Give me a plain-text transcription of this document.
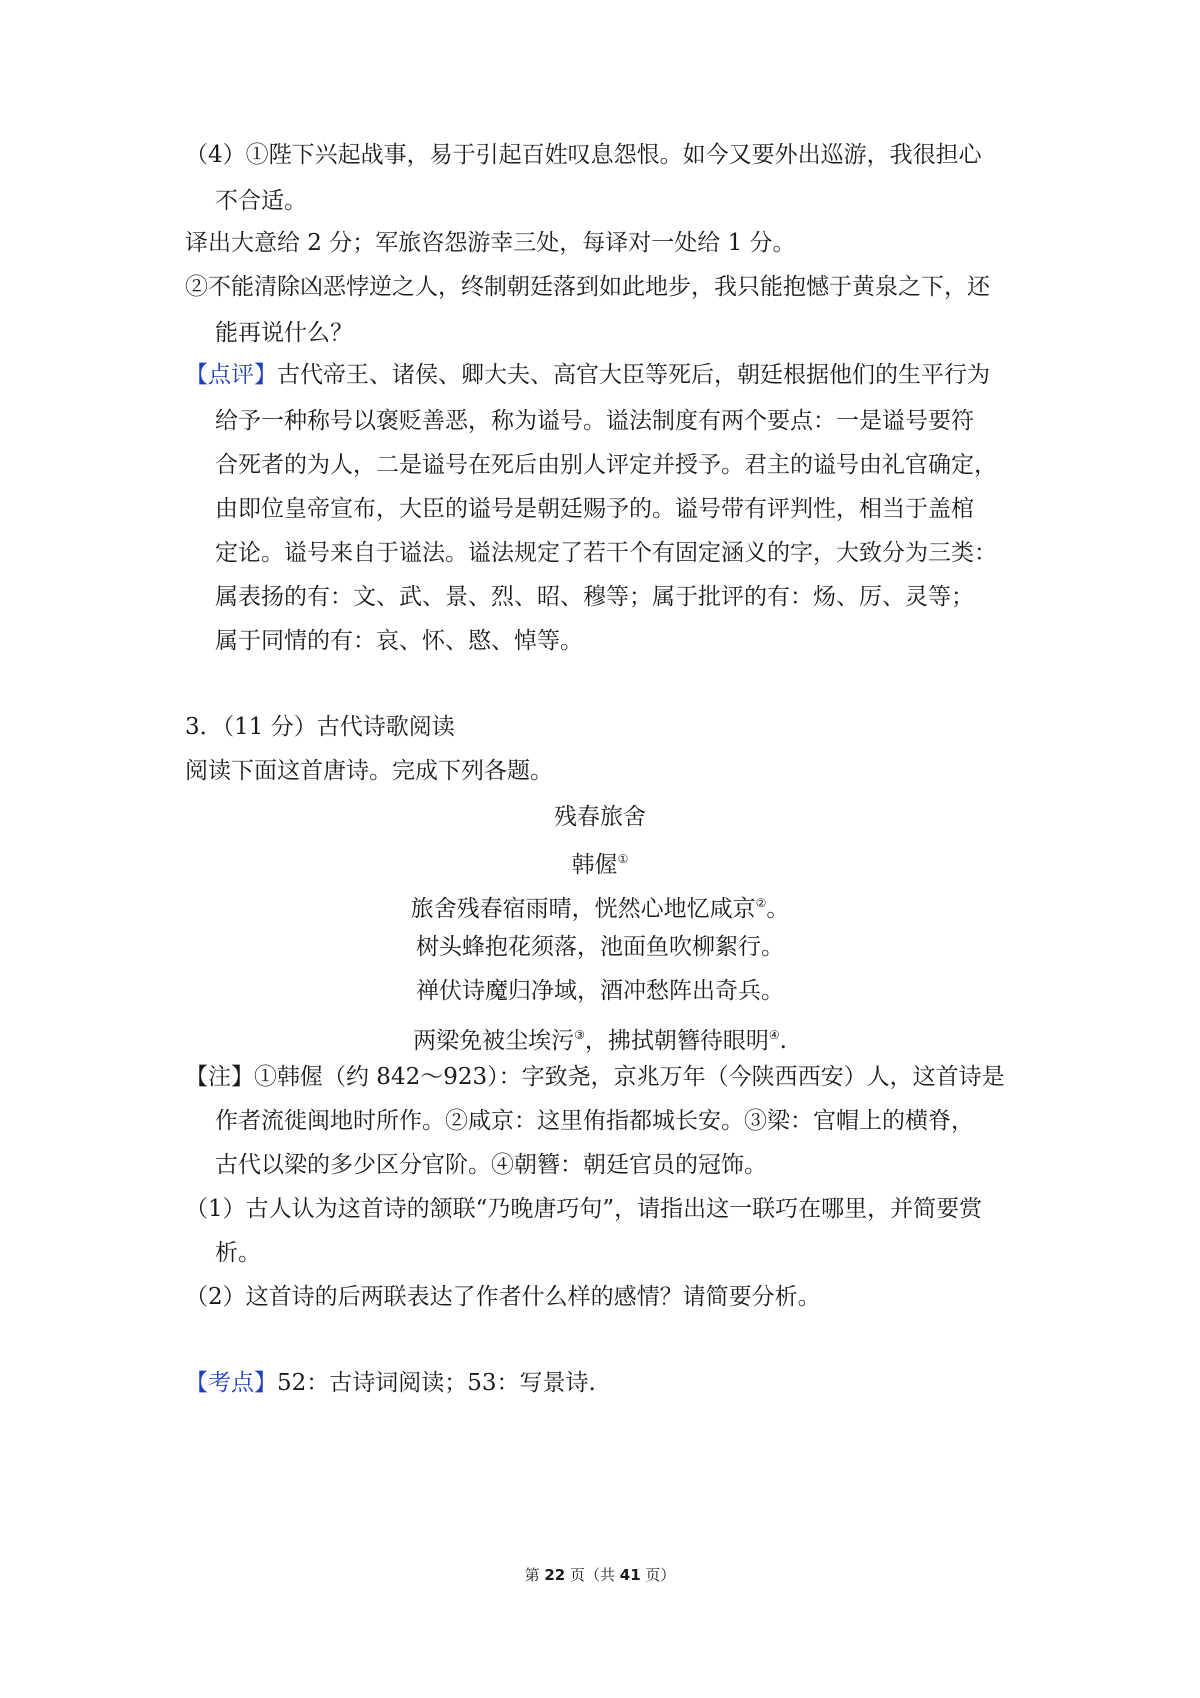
（4）①陛下兴起战事，易于引起百姓叹息怨恨。如今又要外出巡游，我很担心
不合适。
译出大意给 2 分；军旅咨怨游幸三处，每译对一处给 1 分。
②不能清除凶恶悖逆之人，终制朝廷落到如此地步，我只能抱憾于黄泉之下，还
能再说什么？
【点评】古代帝王、诸侯、卿大夫、高官大臣等死后，朝廷根据他们的生平行为
给予一种称号以褒贬善恶，称为谥号。谥法制度有两个要点：一是谥号要符
合死者的为人，二是谥号在死后由别人评定并授予。君主的谥号由礼官确定，
由即位皇帝宣布，大臣的谥号是朝廷赐予的。谥号带有评判性，相当于盖棺
定论。谥号来自于谥法。谥法规定了若干个有固定涵义的字，大致分为三类：
属表扬的有：文、武、景、烈、昭、穆等；属于批评的有：炀、厉、灵等；
属于同情的有：哀、怀、愍、悼等。
3．（11 分）古代诗歌阅读
阅读下面这首唐诗。完成下列各题。
残春旅舍
韩偓①
旅舍残春宿雨晴，恍然心地忆咸京②。
树头蜂抱花须落，池面鱼吹柳絮行。
禅伏诗魔归净域，酒冲愁阵出奇兵。
两梁免被尘埃污③，拂拭朝簪待眼明④.
【注】①韩偓（约 842～923）：字致尧，京兆万年（今陕西西安）人，这首诗是
作者流徙闽地时所作。②咸京：这里侑指都城长安。③梁：官帽上的横脊，
古代以梁的多少区分官阶。④朝簪：朝廷官员的冠饰。
（1）古人认为这首诗的颔联“乃晚唐巧句”，请指出这一联巧在哪里，并简要赏
析。
（2）这首诗的后两联表达了作者什么样的感情？请简要分析。
【考点】52：古诗词阅读；53：写景诗.
第 22 页（共 41 页）
